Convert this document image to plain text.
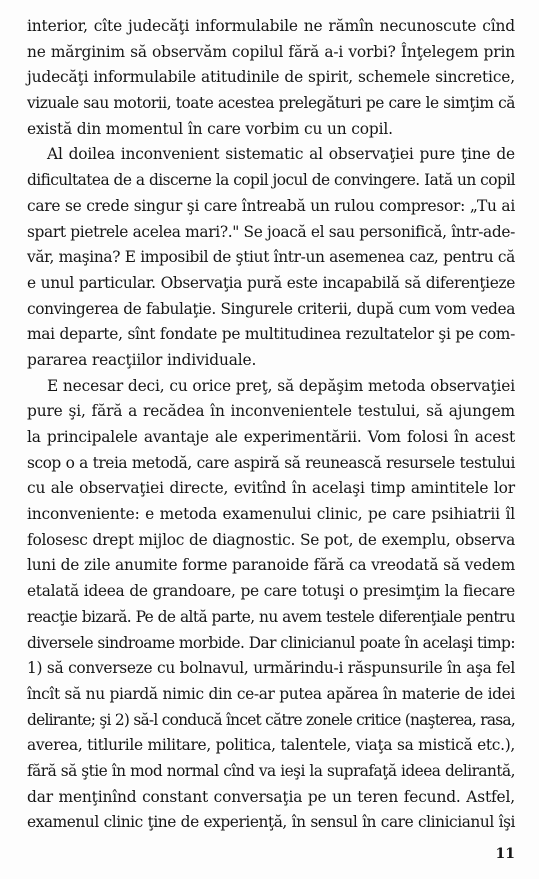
interior, cîte judecăţi informulabile ne rămîn necunoscute cînd
ne mărginim să observăm copilul fără a-i vorbi? Înţelegem prin
judecăţi informulabile atitudinile de spirit, schemele sincretice,
vizuale sau motorii, toate acestea prelegături pe care le simţim că
există din momentul în care vorbim cu un copil.
Al doilea inconvenient sistematic al observaţiei pure ţine de
dificultatea de a discerne la copil jocul de convingere. Iată un copil
care se crede singur şi care întreabă un rulou compresor: „Tu ai
spart pietrele acelea mari?." Se joacă el sau personifică, într-ade-
văr, maşina? E imposibil de ştiut într-un asemenea caz, pentru că
e unul particular. Observaţia pură este incapabilă să diferenţieze
convingerea de fabulaţie. Singurele criterii, după cum vom vedea
mai departe, sînt fondate pe multitudinea rezultatelor şi pe com-
pararea reacţiilor individuale.
E necesar deci, cu orice preţ, să depăşim metoda observaţiei
pure şi, fără a recădea în inconvenientele testului, să ajungem
la principalele avantaje ale experimentării. Vom folosi în acest
scop o a treia metodă, care aspiră să reunească resursele testului
cu ale observaţiei directe, evitînd în acelaşi timp amintitele lor
inconveniente: e metoda examenului clinic, pe care psihiatrii îl
folosesc drept mijloc de diagnostic. Se pot, de exemplu, observa
luni de zile anumite forme paranoide fără ca vreodată să vedem
etalată ideea de grandoare, pe care totuşi o presimţim la fiecare
reacţie bizară. Pe de altă parte, nu avem testele diferenţiale pentru
diversele sindroame morbide. Dar clinicianul poate în acelaşi timp:
1) să converseze cu bolnavul, urmărindu-i răspunsurile în aşa fel
încît să nu piardă nimic din ce-ar putea apărea în materie de idei
delirante; şi 2) să-l conducă încet către zonele critice (naşterea, rasa,
averea, titlurile militare, politica, talentele, viaţa sa mistică etc.),
fără să ştie în mod normal cînd va ieşi la suprafaţă ideea delirantă,
dar menţinînd constant conversaţia pe un teren fecund. Astfel,
examenul clinic ţine de experienţă, în sensul în care clinicianul îşi
11
